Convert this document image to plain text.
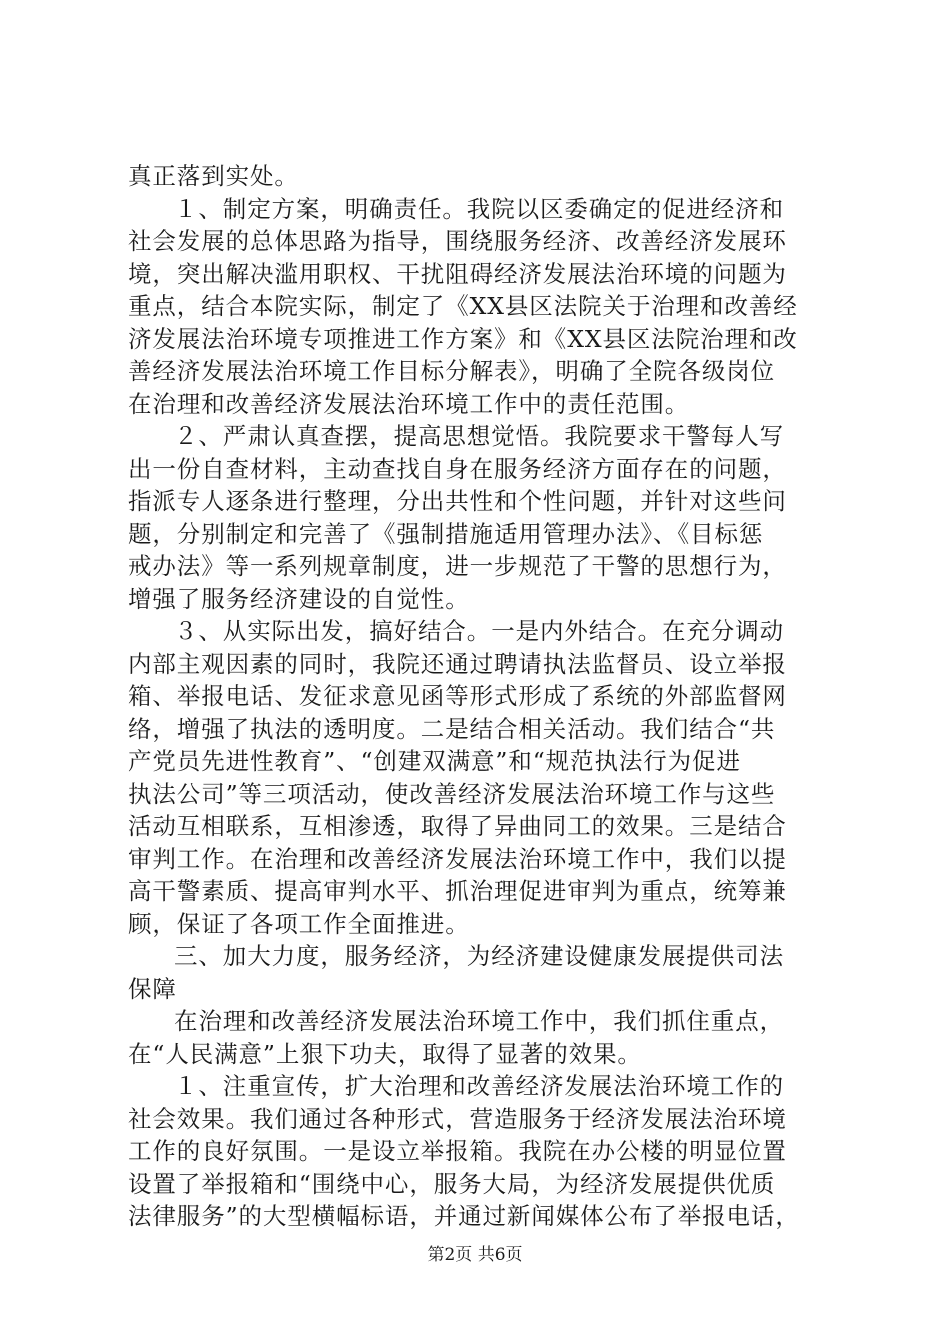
真正落到实处。
１、制定方案，明确责任。我院以区委确定的促进经济和
社会发展的总体思路为指导，围绕服务经济、改善经济发展环
境，突出解决滥用职权、干扰阻碍经济发展法治环境的问题为
重点，结合本院实际，制定了《XX县区法院关于治理和改善经
济发展法治环境专项推进工作方案》和《XX县区法院治理和改
善经济发展法治环境工作目标分解表》，明确了全院各级岗位
在治理和改善经济发展法治环境工作中的责任范围。
２、严肃认真查摆，提高思想觉悟。我院要求干警每人写
出一份自查材料，主动查找自身在服务经济方面存在的问题，
指派专人逐条进行整理，分出共性和个性问题，并针对这些问
题，分别制定和完善了《强制措施适用管理办法》、《目标惩
戒办法》等一系列规章制度，进一步规范了干警的思想行为，
增强了服务经济建设的自觉性。
３、从实际出发，搞好结合。一是内外结合。在充分调动
内部主观因素的同时，我院还通过聘请执法监督员、设立举报
箱、举报电话、发征求意见函等形式形成了系统的外部监督网
络，增强了执法的透明度。二是结合相关活动。我们结合“共
产党员先进性教育”、“创建双满意”和“规范执法行为促进
执法公司”等三项活动，使改善经济发展法治环境工作与这些
活动互相联系，互相渗透，取得了异曲同工的效果。三是结合
审判工作。在治理和改善经济发展法治环境工作中，我们以提
高干警素质、提高审判水平、抓治理促进审判为重点，统筹兼
顾，保证了各项工作全面推进。
三、加大力度，服务经济，为经济建设健康发展提供司法
保障
在治理和改善经济发展法治环境工作中，我们抓住重点，
在“人民满意”上狠下功夫，取得了显著的效果。
１、注重宣传，扩大治理和改善经济发展法治环境工作的
社会效果。我们通过各种形式，营造服务于经济发展法治环境
工作的良好氛围。一是设立举报箱。我院在办公楼的明显位置
设置了举报箱和“围绕中心，服务大局，为经济发展提供优质
法律服务”的大型横幅标语，并通过新闻媒体公布了举报电话，
第2页 共6页
